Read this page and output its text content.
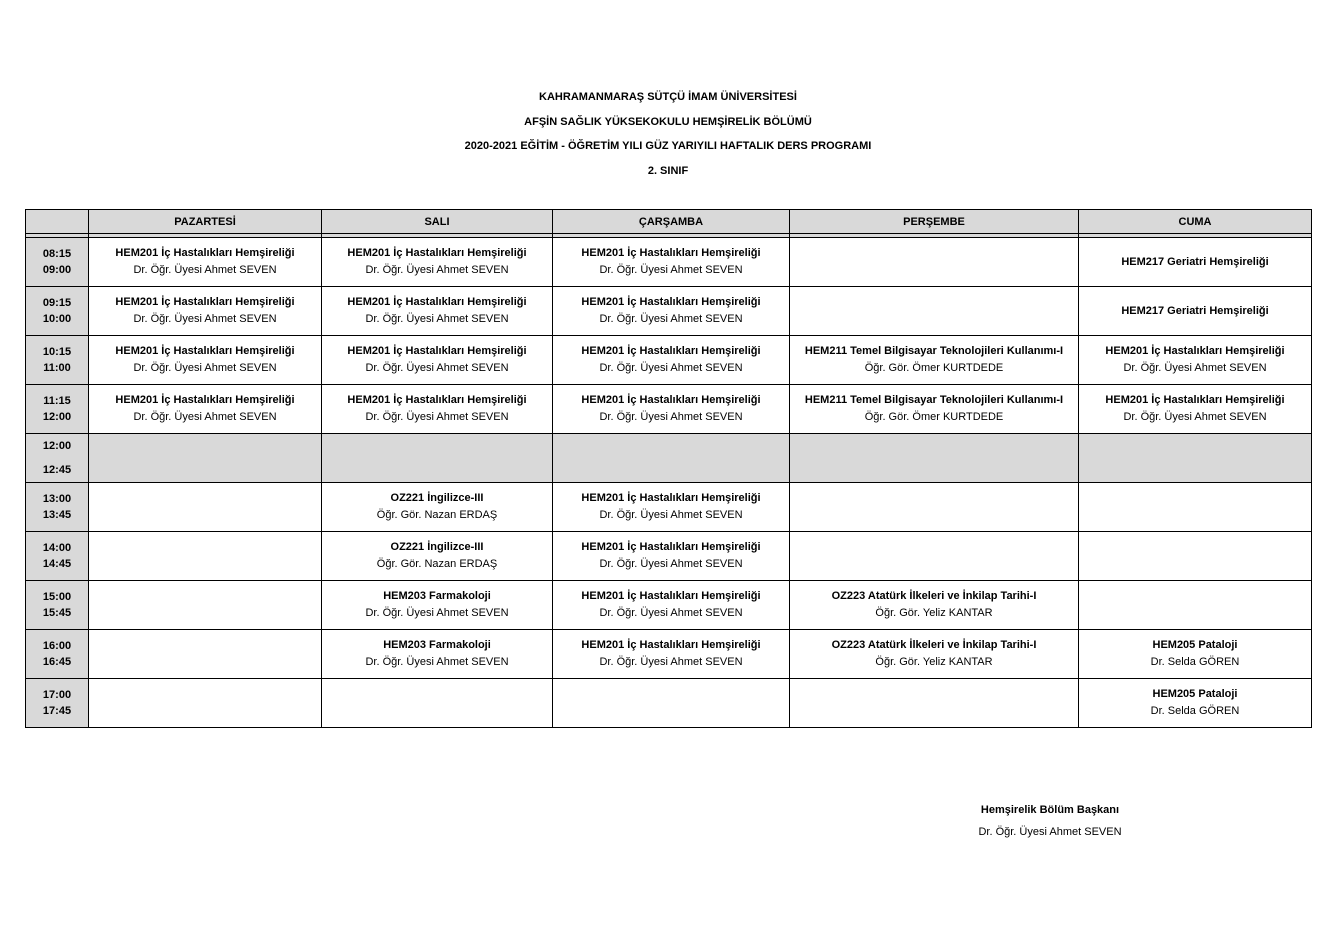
KAHRAMANMARAŞ SÜTÇÜ İMAM ÜNİVERSİTESİ
AFŞİN SAĞLIK YÜKSEKOKULU HEMŞİRELİK BÖLÜMÜ
2020-2021 EĞİTİM - ÖĞRETİM YILI GÜZ YARIYILI HAFTALIK DERS PROGRAMI
2. SINIF
	PAZARTESİ	SALI	ÇARŞAMBA	PERŞEMBE	CUMA

08:15
09:00	HEM201 İç Hastalıkları Hemşireliği
Dr. Öğr. Üyesi Ahmet SEVEN	HEM201 İç Hastalıkları Hemşireliği
Dr. Öğr. Üyesi Ahmet SEVEN	HEM201 İç Hastalıkları Hemşireliği
Dr. Öğr. Üyesi Ahmet SEVEN		HEM217 Geriatri Hemşireliği

09:15
10:00	HEM201 İç Hastalıkları Hemşireliği
Dr. Öğr. Üyesi Ahmet SEVEN	HEM201 İç Hastalıkları Hemşireliği
Dr. Öğr. Üyesi Ahmet SEVEN	HEM201 İç Hastalıkları Hemşireliği
Dr. Öğr. Üyesi Ahmet SEVEN		HEM217 Geriatri Hemşireliği

10:15
11:00	HEM201 İç Hastalıkları Hemşireliği
Dr. Öğr. Üyesi Ahmet SEVEN	HEM201 İç Hastalıkları Hemşireliği
Dr. Öğr. Üyesi Ahmet SEVEN	HEM201 İç Hastalıkları Hemşireliği
Dr. Öğr. Üyesi Ahmet SEVEN	HEM211 Temel Bilgisayar Teknolojileri Kullanımı-I
Öğr. Gör. Ömer KURTDEDE	HEM201 İç Hastalıkları Hemşireliği
Dr. Öğr. Üyesi Ahmet SEVEN

11:15
12:00	HEM201 İç Hastalıkları Hemşireliği
Dr. Öğr. Üyesi Ahmet SEVEN	HEM201 İç Hastalıkları Hemşireliği
Dr. Öğr. Üyesi Ahmet SEVEN	HEM201 İç Hastalıkları Hemşireliği
Dr. Öğr. Üyesi Ahmet SEVEN	HEM211 Temel Bilgisayar Teknolojileri Kullanımı-I
Öğr. Gör. Ömer KURTDEDE	HEM201 İç Hastalıkları Hemşireliği
Dr. Öğr. Üyesi Ahmet SEVEN

12:00
12:45					

13:00
13:45		OZ221 İngilizce-III
Öğr. Gör. Nazan ERDAŞ	HEM201 İç Hastalıkları Hemşireliği
Dr. Öğr. Üyesi Ahmet SEVEN		

14:00
14:45		OZ221 İngilizce-III
Öğr. Gör. Nazan ERDAŞ	HEM201 İç Hastalıkları Hemşireliği
Dr. Öğr. Üyesi Ahmet SEVEN		

15:00
15:45		HEM203 Farmakoloji
Dr. Öğr. Üyesi Ahmet SEVEN	HEM201 İç Hastalıkları Hemşireliği
Dr. Öğr. Üyesi Ahmet SEVEN	OZ223 Atatürk İlkeleri ve İnkilap Tarihi-I
Öğr. Gör. Yeliz KANTAR	

16:00
16:45		HEM203 Farmakoloji
Dr. Öğr. Üyesi Ahmet SEVEN	HEM201 İç Hastalıkları Hemşireliği
Dr. Öğr. Üyesi Ahmet SEVEN	OZ223 Atatürk İlkeleri ve İnkilap Tarihi-I
Öğr. Gör. Yeliz KANTAR	HEM205 Pataloji
Dr. Selda GÖREN

17:00
17:45					HEM205 Pataloji
Dr. Selda GÖREN
Hemşirelik Bölüm Başkanı
Dr. Öğr. Üyesi Ahmet SEVEN
